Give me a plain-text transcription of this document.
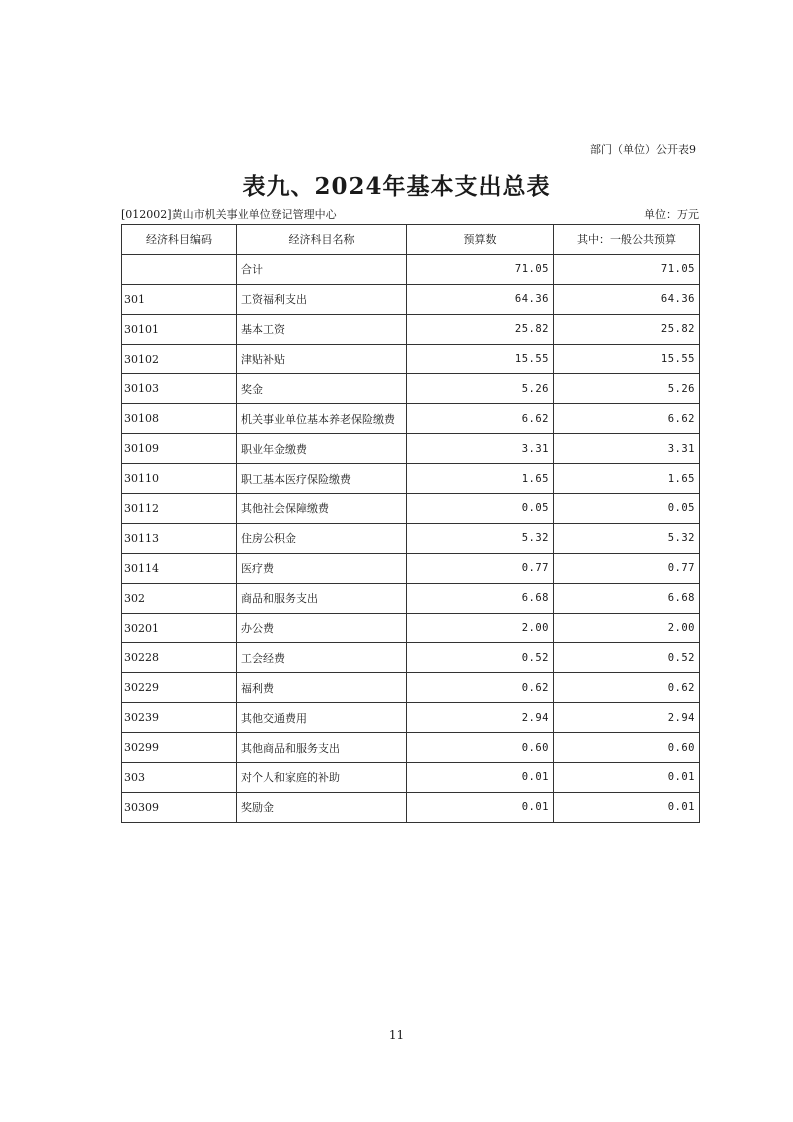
部门（单位）公开表9
表九、2024年基本支出总表
[012002]黄山市机关事业单位登记管理中心	单位：万元
经济科目编码	经济科目名称	预算数	其中：一般公共预算
	合计	71.05	71.05
301	工资福利支出	64.36	64.36
30101	基本工资	25.82	25.82
30102	津贴补贴	15.55	15.55
30103	奖金	5.26	5.26
30108	机关事业单位基本养老保险缴费	6.62	6.62
30109	职业年金缴费	3.31	3.31
30110	职工基本医疗保险缴费	1.65	1.65
30112	其他社会保障缴费	0.05	0.05
30113	住房公积金	5.32	5.32
30114	医疗费	0.77	0.77
302	商品和服务支出	6.68	6.68
30201	办公费	2.00	2.00
30228	工会经费	0.52	0.52
30229	福利费	0.62	0.62
30239	其他交通费用	2.94	2.94
30299	其他商品和服务支出	0.60	0.60
303	对个人和家庭的补助	0.01	0.01
30309	奖励金	0.01	0.01
11
